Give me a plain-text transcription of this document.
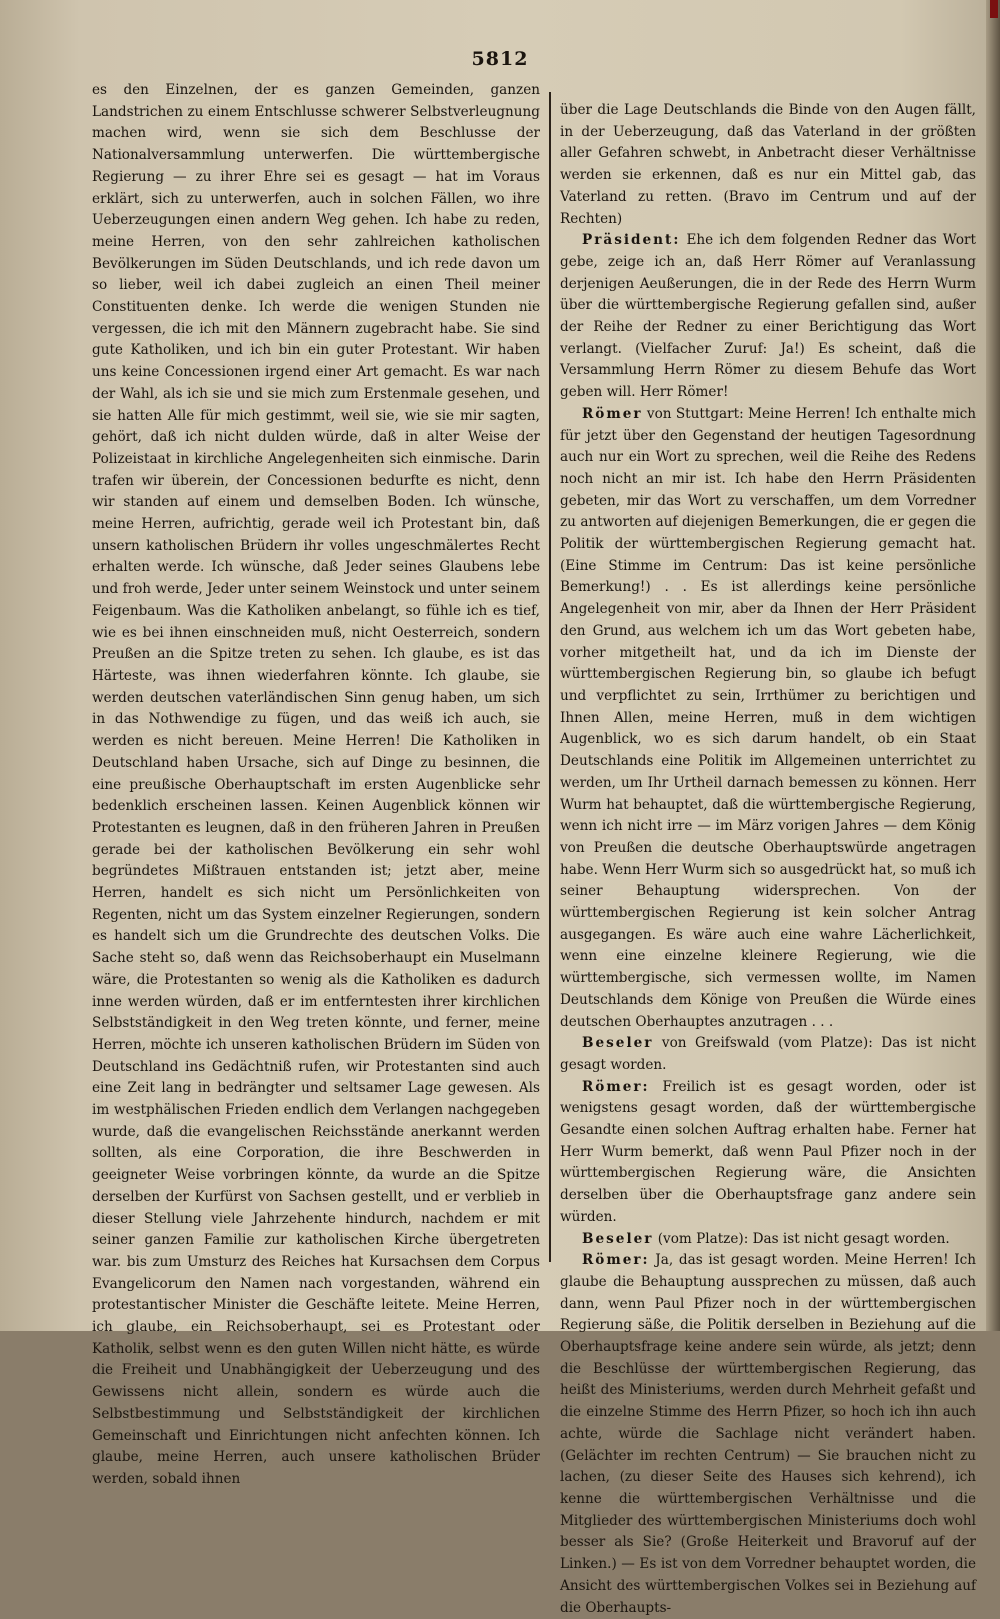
5812

es den Einzelnen, der es ganzen Gemeinden, ganzen Landstrichen zu einem Entschlusse schwerer Selbstverleugnung machen wird, wenn sie sich dem Beschlusse der Nationalversammlung unterwerfen. Die württembergische Regierung — zu ihrer Ehre sei es gesagt — hat im Voraus erklärt, sich zu unterwerfen, auch in solchen Fällen, wo ihre Ueberzeugungen einen andern Weg gehen. Ich habe zu reden, meine Herren, von den sehr zahlreichen katholischen Bevölkerungen im Süden Deutschlands, und ich rede davon um so lieber, weil ich dabei zugleich an einen Theil meiner Constituenten denke. Ich werde die wenigen Stunden nie vergessen, die ich mit den Männern zugebracht habe. Sie sind gute Katholiken, und ich bin ein guter Protestant. Wir haben uns keine Concessionen irgend einer Art gemacht. Es war nach der Wahl, als ich sie und sie mich zum Erstenmale gesehen, und sie hatten Alle für mich gestimmt, weil sie, wie sie mir sagten, gehört, daß ich nicht dulden würde, daß in alter Weise der Polizeistaat in kirchliche Angelegenheiten sich einmische. Darin trafen wir überein, der Concessionen bedurfte es nicht, denn wir standen auf einem und demselben Boden. Ich wünsche, meine Herren, aufrichtig, gerade weil ich Protestant bin, daß unsern katholischen Brüdern ihr volles ungeschmälertes Recht erhalten werde. Ich wünsche, daß Jeder seines Glaubens lebe und froh werde, Jeder unter seinem Weinstock und unter seinem Feigenbaum. Was die Katholiken anbelangt, so fühle ich es tief, wie es bei ihnen einschneiden muß, nicht Oesterreich, sondern Preußen an die Spitze treten zu sehen. Ich glaube, es ist das Härteste, was ihnen wiederfahren könnte. Ich glaube, sie werden deutschen vaterländischen Sinn genug haben, um sich in das Nothwendige zu fügen, und das weiß ich auch, sie werden es nicht bereuen. Meine Herren! Die Katholiken in Deutschland haben Ursache, sich auf Dinge zu besinnen, die eine preußische Oberhauptschaft im ersten Augenblicke sehr bedenklich erscheinen lassen. Keinen Augenblick können wir Protestanten es leugnen, daß in den früheren Jahren in Preußen gerade bei der katholischen Bevölkerung ein sehr wohl begründetes Mißtrauen entstanden ist; jetzt aber, meine Herren, handelt es sich nicht um Persönlichkeiten von Regenten, nicht um das System einzelner Regierungen, sondern es handelt sich um die Grundrechte des deutschen Volks. Die Sache steht so, daß wenn das Reichsoberhaupt ein Muselmann wäre, die Protestanten so wenig als die Katholiken es dadurch inne werden würden, daß er im entferntesten ihrer kirchlichen Selbstständigkeit in den Weg treten könnte, und ferner, meine Herren, möchte ich unseren katholischen Brüdern im Süden von Deutschland ins Gedächtniß rufen, wir Protestanten sind auch eine Zeit lang in bedrängter und seltsamer Lage gewesen. Als im westphälischen Frieden endlich dem Verlangen nachgegeben wurde, daß die evangelischen Reichsstände anerkannt werden sollten, als eine Corporation, die ihre Beschwerden in geeigneter Weise vorbringen könnte, da wurde an die Spitze derselben der Kurfürst von Sachsen gestellt, und er verblieb in dieser Stellung viele Jahrzehente hindurch, nachdem er mit seiner ganzen Familie zur katholischen Kirche übergetreten war. bis zum Umsturz des Reiches hat Kursachsen dem Corpus Evangelicorum den Namen nach vorgestanden, während ein protestantischer Minister die Geschäfte leitete. Meine Herren, ich glaube, ein Reichsoberhaupt, sei es Protestant oder Katholik, selbst wenn es den guten Willen nicht hätte, es würde die Freiheit und Unabhängigkeit der Ueberzeugung und des Gewissens nicht allein, sondern es würde auch die Selbstbestimmung und Selbstständigkeit der kirchlichen Gemeinschaft und Einrichtungen nicht anfechten können. Ich glaube, meine Herren, auch unsere katholischen Brüder werden, sobald ihnen

über die Lage Deutschlands die Binde von den Augen fällt, in der Ueberzeugung, daß das Vaterland in der größten aller Gefahren schwebt, in Anbetracht dieser Verhältnisse werden sie erkennen, daß es nur ein Mittel gab, das Vaterland zu retten. (Bravo im Centrum und auf der Rechten)

Präsident: Ehe ich dem folgenden Redner das Wort gebe, zeige ich an, daß Herr Römer auf Veranlassung derjenigen Aeußerungen, die in der Rede des Herrn Wurm über die württembergische Regierung gefallen sind, außer der Reihe der Redner zu einer Berichtigung das Wort verlangt. (Vielfacher Zuruf: Ja!) Es scheint, daß die Versammlung Herrn Römer zu diesem Behufe das Wort geben will. Herr Römer!

Römer von Stuttgart: Meine Herren! Ich enthalte mich für jetzt über den Gegenstand der heutigen Tagesordnung auch nur ein Wort zu sprechen, weil die Reihe des Redens noch nicht an mir ist. Ich habe den Herrn Präsidenten gebeten, mir das Wort zu verschaffen, um dem Vorredner zu antworten auf diejenigen Bemerkungen, die er gegen die Politik der württembergischen Regierung gemacht hat. (Eine Stimme im Centrum: Das ist keine persönliche Bemerkung!) . . Es ist allerdings keine persönliche Angelegenheit von mir, aber da Ihnen der Herr Präsident den Grund, aus welchem ich um das Wort gebeten habe, vorher mitgetheilt hat, und da ich im Dienste der württembergischen Regierung bin, so glaube ich befugt und verpflichtet zu sein, Irrthümer zu berichtigen und Ihnen Allen, meine Herren, muß in dem wichtigen Augenblick, wo es sich darum handelt, ob ein Staat Deutschlands eine Politik im Allgemeinen unterrichtet zu werden, um Ihr Urtheil darnach bemessen zu können. Herr Wurm hat behauptet, daß die württembergische Regierung, wenn ich nicht irre — im März vorigen Jahres — dem König von Preußen die deutsche Oberhauptswürde angetragen habe. Wenn Herr Wurm sich so ausgedrückt hat, so muß ich seiner Behauptung widersprechen. Von der württembergischen Regierung ist kein solcher Antrag ausgegangen. Es wäre auch eine wahre Lächerlichkeit, wenn eine einzelne kleinere Regierung, wie die württembergische, sich vermessen wollte, im Namen Deutschlands dem Könige von Preußen die Würde eines deutschen Oberhauptes anzutragen . . .

Beseler von Greifswald (vom Platze): Das ist nicht gesagt worden.

Römer: Freilich ist es gesagt worden, oder ist wenigstens gesagt worden, daß der württembergische Gesandte einen solchen Auftrag erhalten habe. Ferner hat Herr Wurm bemerkt, daß wenn Paul Pfizer noch in der württembergischen Regierung wäre, die Ansichten derselben über die Oberhauptsfrage ganz andere sein würden.

Beseler (vom Platze): Das ist nicht gesagt worden.

Römer: Ja, das ist gesagt worden. Meine Herren! Ich glaube die Behauptung aussprechen zu müssen, daß auch dann, wenn Paul Pfizer noch in der württembergischen Regierung säße, die Politik derselben in Beziehung auf die Oberhauptsfrage keine andere sein würde, als jetzt; denn die Beschlüsse der württembergischen Regierung, das heißt des Ministeriums, werden durch Mehrheit gefaßt und die einzelne Stimme des Herrn Pfizer, so hoch ich ihn auch achte, würde die Sachlage nicht verändert haben. (Gelächter im rechten Centrum) — Sie brauchen nicht zu lachen, (zu dieser Seite des Hauses sich kehrend), ich kenne die württembergischen Verhältnisse und die Mitglieder des württembergischen Ministeriums doch wohl besser als Sie? (Große Heiterkeit und Bravoruf auf der Linken.) — Es ist von dem Vorredner behauptet worden, die Ansicht des württembergischen Volkes sei in Beziehung auf die Oberhaupts-
